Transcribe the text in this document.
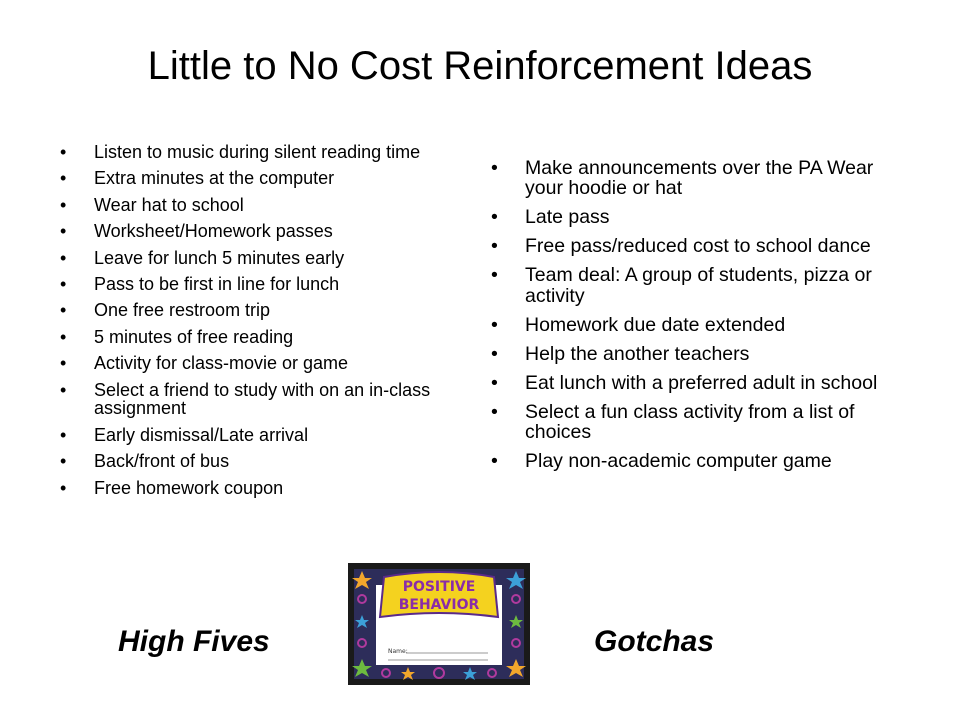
Little to No Cost Reinforcement Ideas
• Listen to music during silent reading time
• Extra minutes at the computer
• Wear hat to school
• Worksheet/Homework passes
• Leave for lunch 5 minutes early
• Pass to be first in line for lunch
• One free restroom trip
• 5 minutes of free reading
• Activity for class-movie or game
• Select a friend to study with on an in-class assignment
• Early dismissal/Late arrival
• Back/front of bus
• Free homework coupon
• Make announcements over the PA Wear your hoodie or hat
• Late pass
• Free pass/reduced cost to school dance
• Team deal: A group of students, pizza or activity
• Homework due date extended
• Help the another teachers
• Eat lunch with a preferred adult in school
• Select a fun class activity from a list of choices
• Play non-academic computer game
High Fives	Gotchas
POSITIVE
BEHAVIOR
Name:
